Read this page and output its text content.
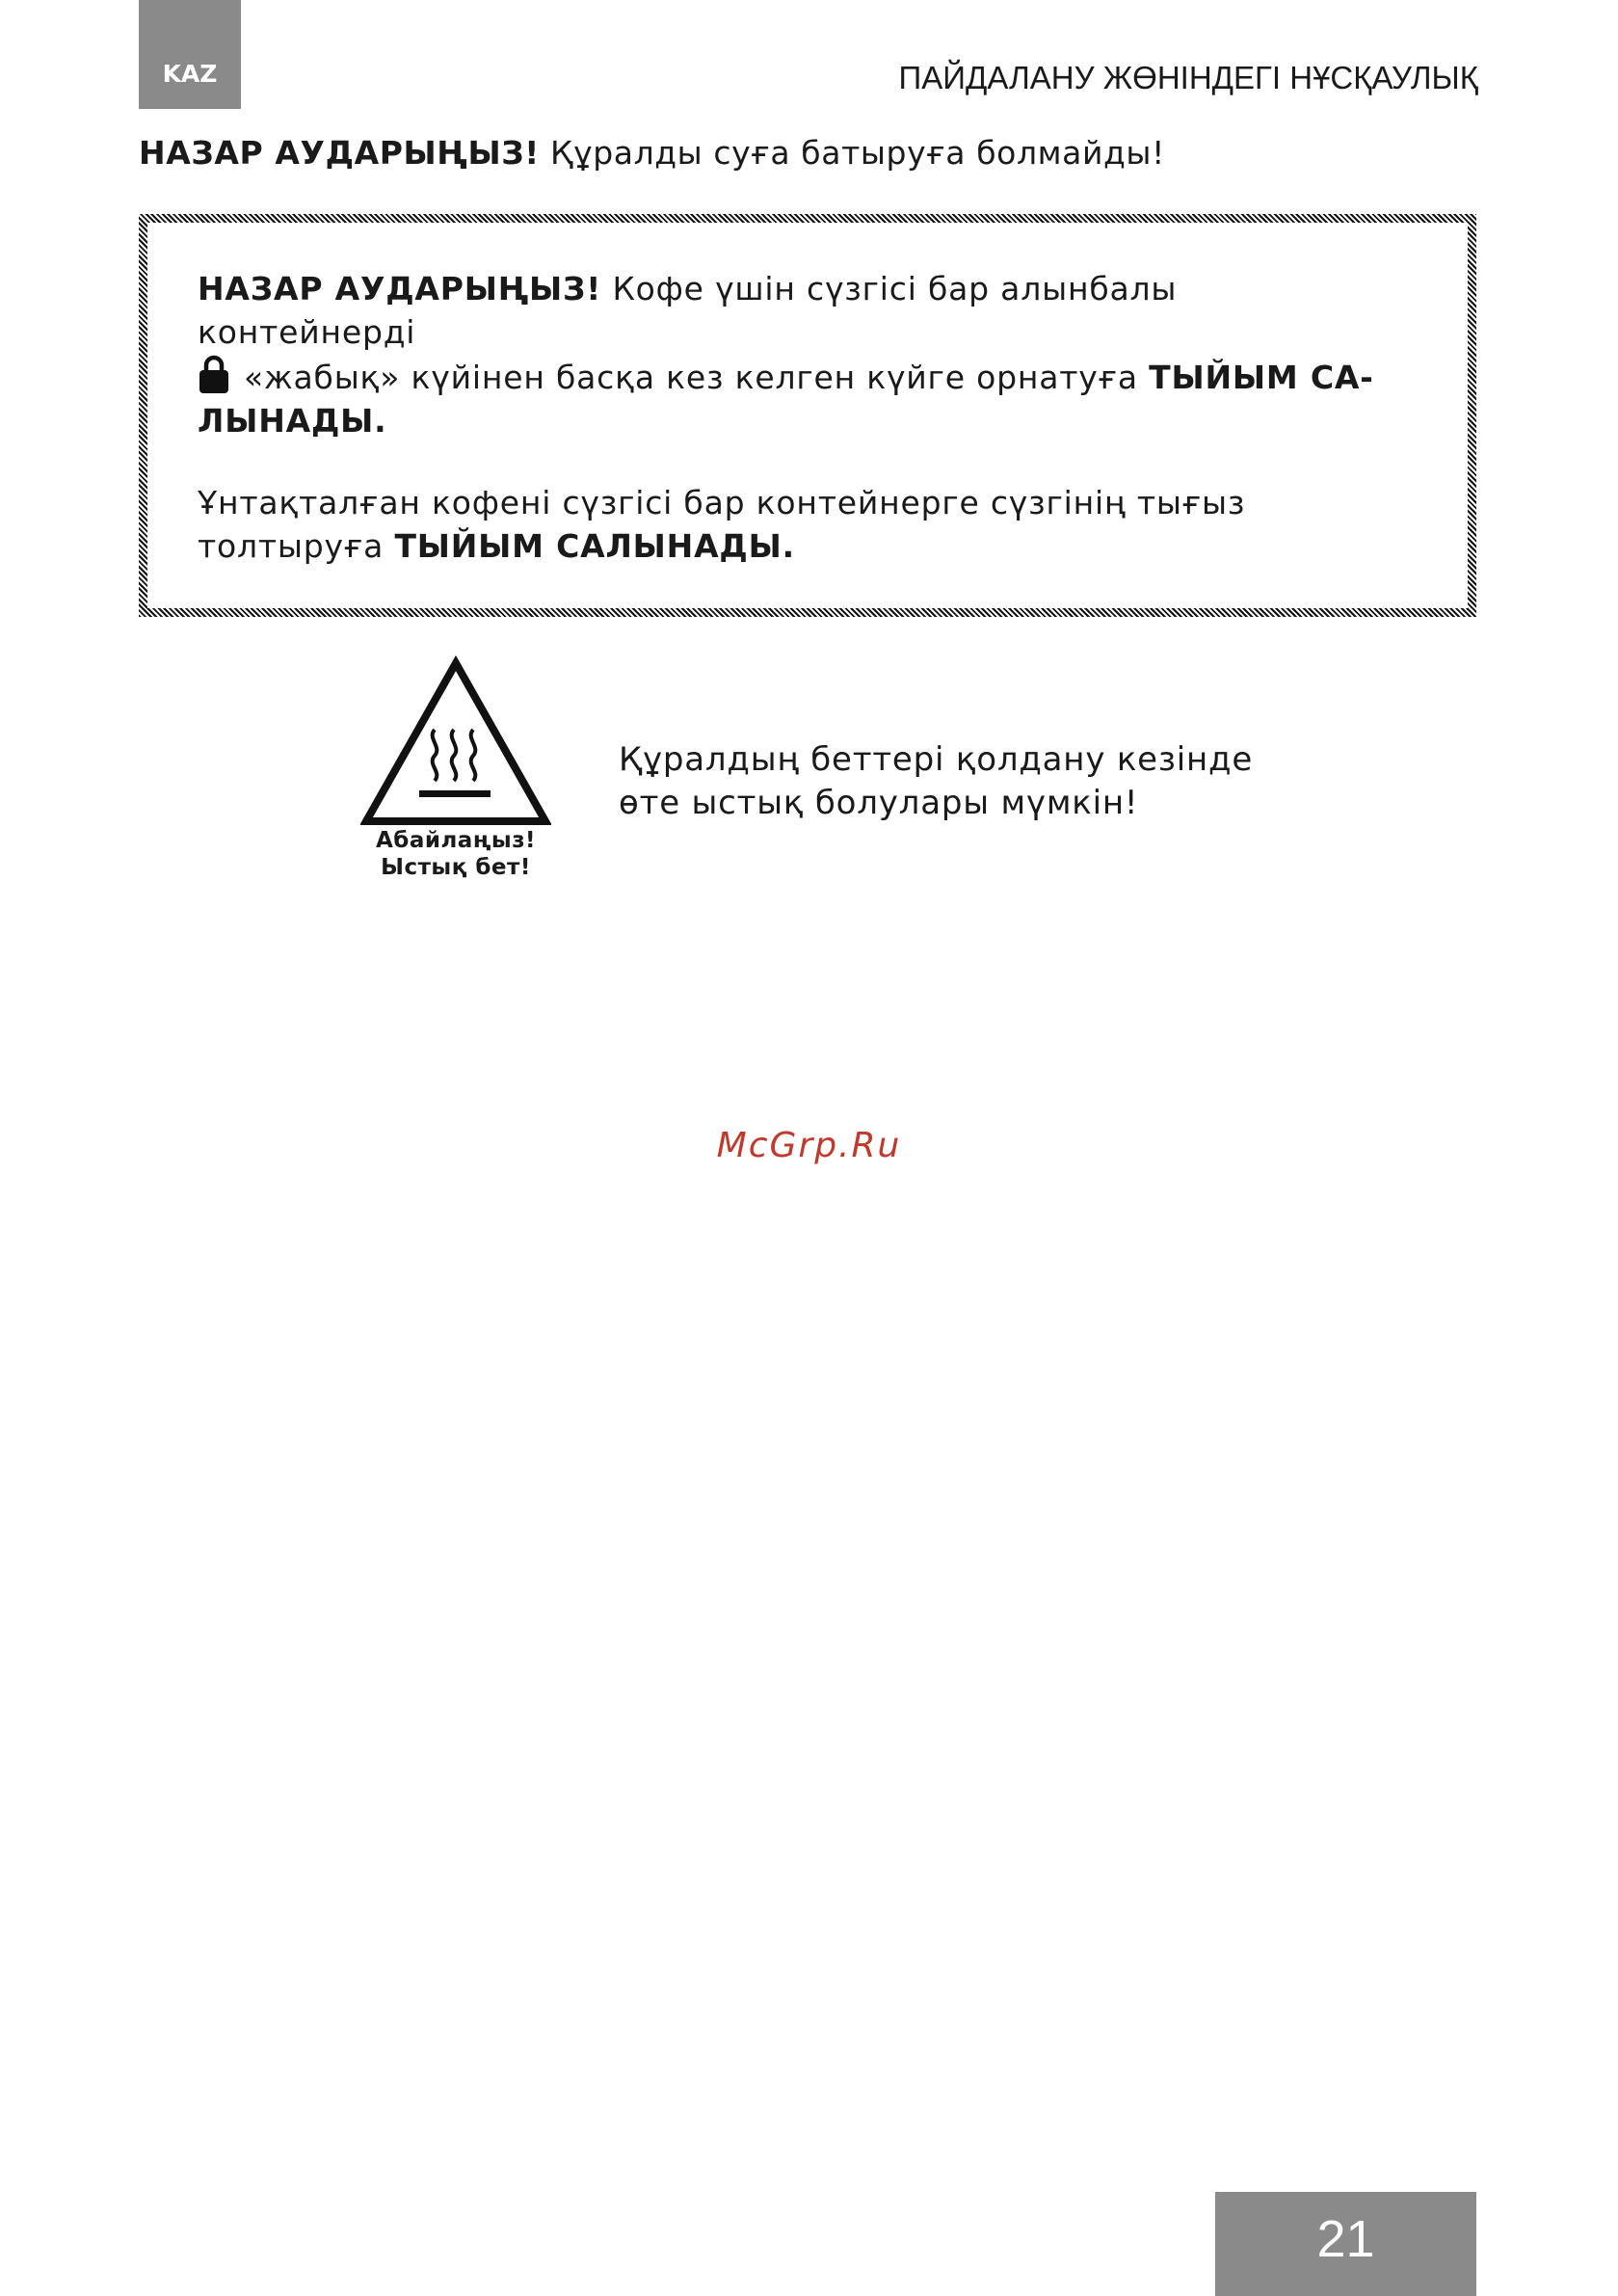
KAZ	ПАЙДАЛАНУ ЖӨНІНДЕГІ НҰСҚАУЛЫҚ
НАЗАР АУДАРЫҢЫЗ! Құралды суға батыруға болмайды!

НАЗАР АУДАРЫҢЫЗ! Кофе үшін сүзгісі бар алынбалы контейнерді
«жабық» күйінен басқа кез келген күйге орнатуға ТЫЙЫМ СА-ЛЫНАДЫ.

Ұнтақталған кофені сүзгісі бар контейнерге сүзгінің тығыз толтыруға ТЫЙЫМ САЛЫНАДЫ.

Абайлаңыз!
Ыстық бет!
Құралдың беттері қолдану кезінде
өте ыстық болулары мүмкін!
McGrp.Ru
21
